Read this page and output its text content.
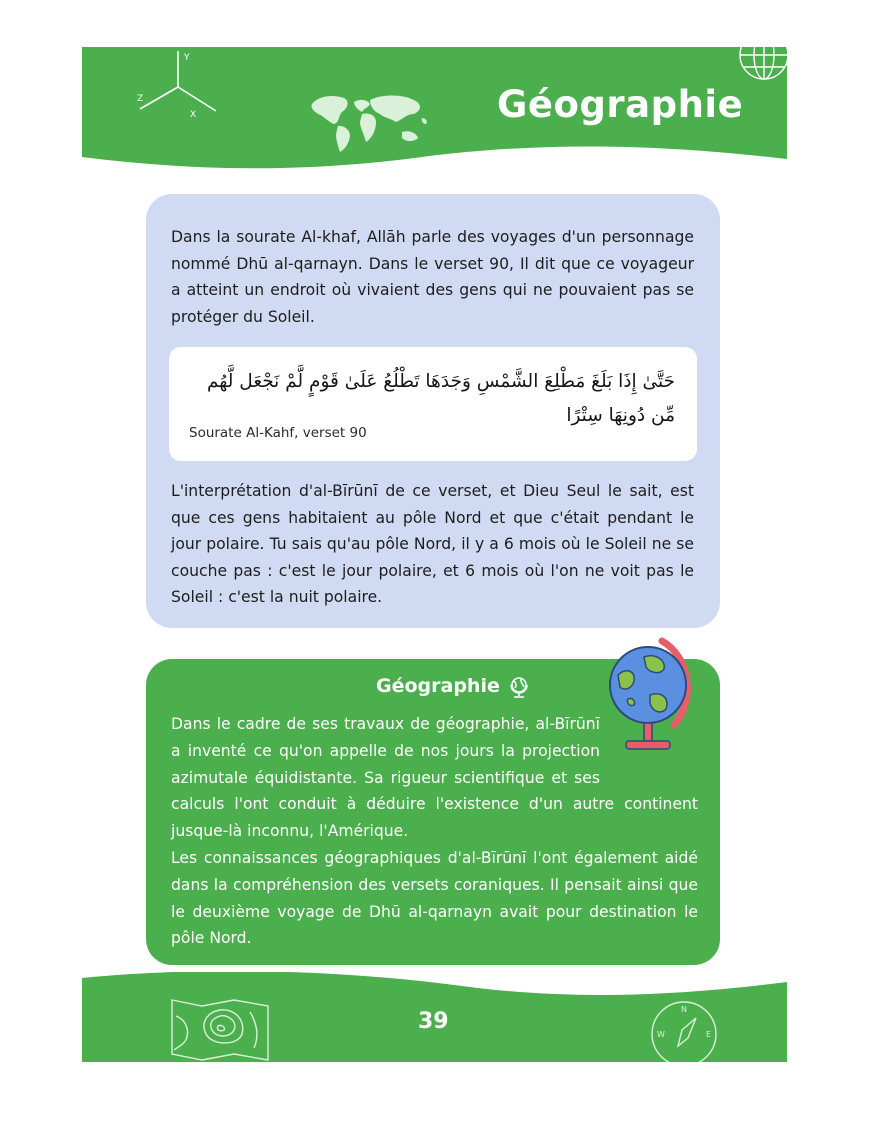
Y
Z
X	Géographie

Dans la sourate Al-khaf, Allāh parle des voyages d'un personnage nommé Dhū al-qarnayn. Dans le verset 90, Il dit que ce voyageur a atteint un endroit où vivaient des gens qui ne pouvaient pas se protéger du Soleil.

حَتَّىٰ إِذَا بَلَغَ مَطْلِعَ الشَّمْسِ وَجَدَهَا تَطْلُعُ عَلَىٰ قَوْمٍ لَّمْ نَجْعَل لَّهُم مِّن دُونِهَا سِتْرًا

Sourate Al-Kahf, verset 90

L'interprétation d'al-Bīrūnī de ce verset, et Dieu Seul le sait, est que ces gens habitaient au pôle Nord et que c'était pendant le jour polaire. Tu sais qu'au pôle Nord, il y a 6 mois où le Soleil ne se couche pas : c'est le jour polaire, et 6 mois où l'on ne voit pas le Soleil : c'est la nuit polaire.

Géographie

Dans le cadre de ses travaux de géographie, al-Bīrūnī a inventé ce qu'on appelle de nos jours la projection azimutale équidistante. Sa rigueur scientifique et ses calculs l'ont conduit à déduire l'existence d'un autre continent jusque-là inconnu, l'Amérique.

Les connaissances géographiques d'al-Bīrūnī l'ont également aidé dans la compréhension des versets coraniques. Il pensait ainsi que le deuxième voyage de Dhū al-qarnayn avait pour destination le pôle Nord.

39	N
W	E
